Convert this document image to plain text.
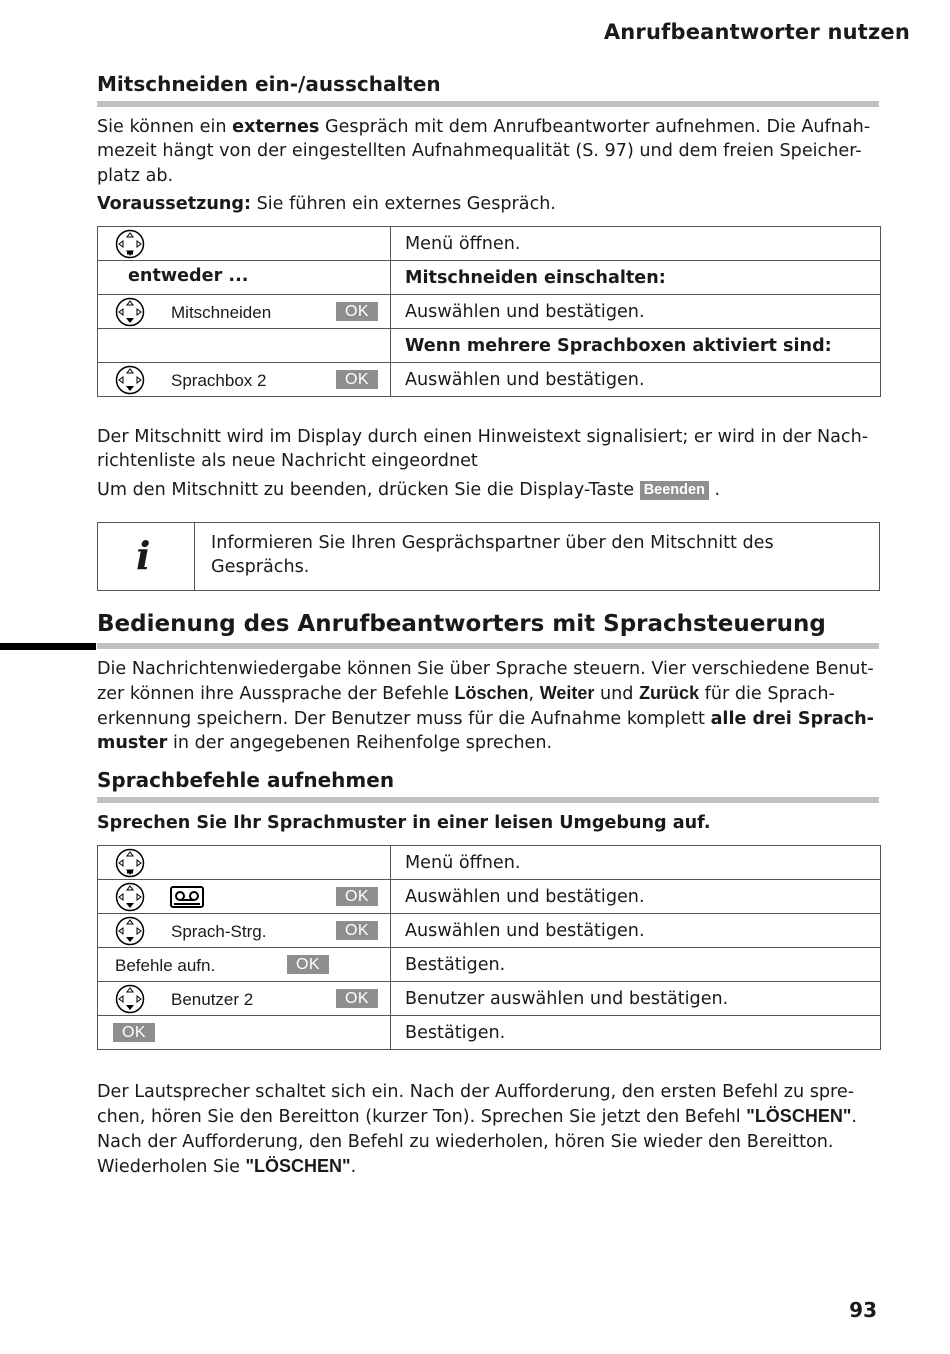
Anrufbeantworter nutzen
Mitschneiden ein-/ausschalten
Sie können ein externes Gespräch mit dem Anrufbeantworter aufnehmen. Die Aufnah-
mezeit hängt von der eingestellten Aufnahmequalität (S. 97) und dem freien Speicher-
platz ab.
Voraussetzung: Sie führen ein externes Gespräch.
	Menü öffnen.

entweder ...	Mitschneiden einschalten:

Mitschneiden OK	Auswählen und bestätigen.
	Wenn mehrere Sprachboxen aktiviert sind:

Sprachbox 2 OK	Auswählen und bestätigen.
Der Mitschnitt wird im Display durch einen Hinweistext signalisiert; er wird in der Nach-
richtenliste als neue Nachricht eingeordnet
Um den Mitschnitt zu beenden, drücken Sie die Display-Taste Beenden .
i	Informieren Sie Ihren Gesprächspartner über den Mitschnitt des
Gesprächs.
Bedienung des Anrufbeantworters mit Sprachsteuerung
Die Nachrichtenwiedergabe können Sie über Sprache steuern. Vier verschiedene Benut-
zer können ihre Aussprache der Befehle Löschen, Weiter und Zurück für die Sprach-
erkennung speichern. Der Benutzer muss für die Aufnahme komplett alle drei Sprach-
muster in der angegebenen Reihenfolge sprechen.
Sprachbefehle aufnehmen
Sprechen Sie Ihr Sprachmuster in einer leisen Umgebung auf.
	Menü öffnen.

OK	Auswählen und bestätigen.

Sprach-Strg. OK	Auswählen und bestätigen.

Befehle aufn. OK	Bestätigen.

Benutzer 2 OK	Benutzer auswählen und bestätigen.

OK	Bestätigen.
Der Lautsprecher schaltet sich ein. Nach der Aufforderung, den ersten Befehl zu spre-
chen, hören Sie den Bereitton (kurzer Ton). Sprechen Sie jetzt den Befehl "LÖSCHEN".
Nach der Aufforderung, den Befehl zu wiederholen, hören Sie wieder den Bereitton.
Wiederholen Sie "LÖSCHEN".
93
